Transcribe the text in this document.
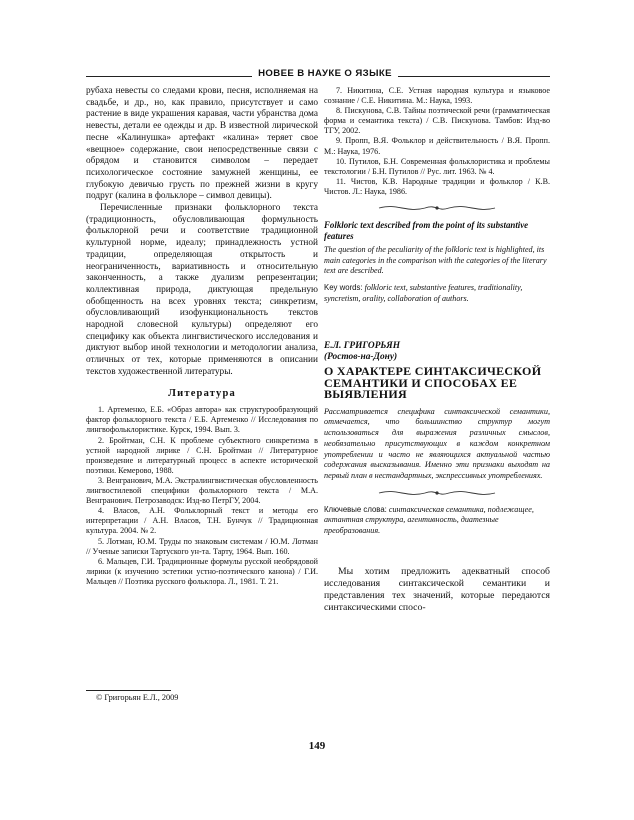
НОВЕЕ В НАУКЕ О ЯЗЫКЕ

рубаха невесты со следами крови, песня, исполняемая на свадьбе, и др., но, как правило, присутствует и само растение в виде украшения каравая, части убранства дома невесты, детали ее одежды и др. В известной лирической песне «Калинушка» артефакт «калина» теряет свое «вещное» содержание, свои непосредственные связи с обрядом и становится символом – передает психологическое состояние замужней женщины, ее глубокую девичью грусть по прежней жизни в кругу подруг (калина в фольклоре – символ девицы).

Перечисленные признаки фольклорного текста (традиционность, обусловливающая формульность фольклорной речи и соответствие традиционной культурной норме, идеалу; принадлежность устной традиции, определяющая открытость и неограниченность, вариативность и относительную законченность, а также дуализм репрезентации; коллективная природа, диктующая предельную обобщенность на всех уровнях текста; синкретизм, обусловливающий изофункциональность текстов народной словесной культуры) определяют его специфику как объекта лингвистического исследования и диктуют выбор иной технологии и методологии анализа, отличных от тех, которые применяются в описании текстов художественной литературы.

Литература

1. Артеменко, Е.Б. «Образ автора» как структурообразующий фактор фольклорного текста / Е.Б. Артеменко // Исследования по лингвофольклористике. Курск, 1994. Вып. 3.

2. Бройтман, С.Н. К проблеме субъектного синкретизма в устной народной лирике / С.Н. Бройтман // Литературное произведение и литературный процесс в аспекте исторической поэтики. Кемерово, 1988.

3. Венгранович, М.А. Экстралингвистическая обусловленность лингвостилевой специфики фольклорного текста / М.А. Венгранович. Петрозаводск: Изд-во ПетрГУ, 2004.

4. Власов, А.Н. Фольклорный текст и методы его интерпретации / А.Н. Власов, Т.Н. Бунчук // Традиционная культура. 2004. № 2.

5. Лотман, Ю.М. Труды по знаковым системам / Ю.М. Лотман // Ученые записки Тартуского ун-та. Тарту, 1964. Вып. 160.

6. Мальцев, Г.И. Традиционные формулы русской необрядовой лирики (к изучению эстетики устно-поэтического канона) / Г.И. Мальцев // Поэтика русского фольклора. Л., 1981. Т. 21.

7. Никитина, С.Е. Устная народная культура и языковое сознание / С.Е. Никитина. М.: Наука, 1993.

8. Пискунова, С.В. Тайны поэтической речи (грамматическая форма и семантика текста) / С.В. Пискунова. Тамбов: Изд-во ТГУ, 2002.

9. Пропп, В.Я. Фольклор и действительность / В.Я. Пропп. М.: Наука, 1976.

10. Путилов, Б.Н. Современная фольклористика и проблемы текстологии / Б.Н. Путилов // Рус. лит. 1963. № 4.

11. Чистов, К.В. Народные традиции и фольклор / К.В. Чистов. Л.: Наука, 1986.

Folkloric text described from the point of its substantive features

The question of the peculiarity of the folkloric text is highlighted, its main categories in the comparison with the categories of the literary text are described.

Key words: folkloric text, substantive features, traditionality, syncretism, orality, collaboration of authors.

Е.Л. ГРИГОРЬЯН

(Ростов-на-Дону)

О ХАРАКТЕРЕ СИНТАКСИЧЕСКОЙ СЕМАНТИКИ И СПОСОБАХ ЕЕ ВЫЯВЛЕНИЯ

Рассматривается специфика синтаксической семантики, отмечается, что большинство структур могут использоваться для выражения различных смыслов, необязательно присутствующих в каждом конкретном употреблении и часто не являющихся актуальной частью содержания высказывания. Именно эти признаки выходят на первый план в нестандартных, экспрессивных употреблениях.

Ключевые слова: синтаксическая семантика, подлежащее, актантная структура, агентивность, диатезные преобразования.

Мы хотим предложить адекватный способ исследования синтаксической семантики и представления тех значений, которые передаются синтаксическими спосо-

© Григорьян Е.Л., 2009
149
